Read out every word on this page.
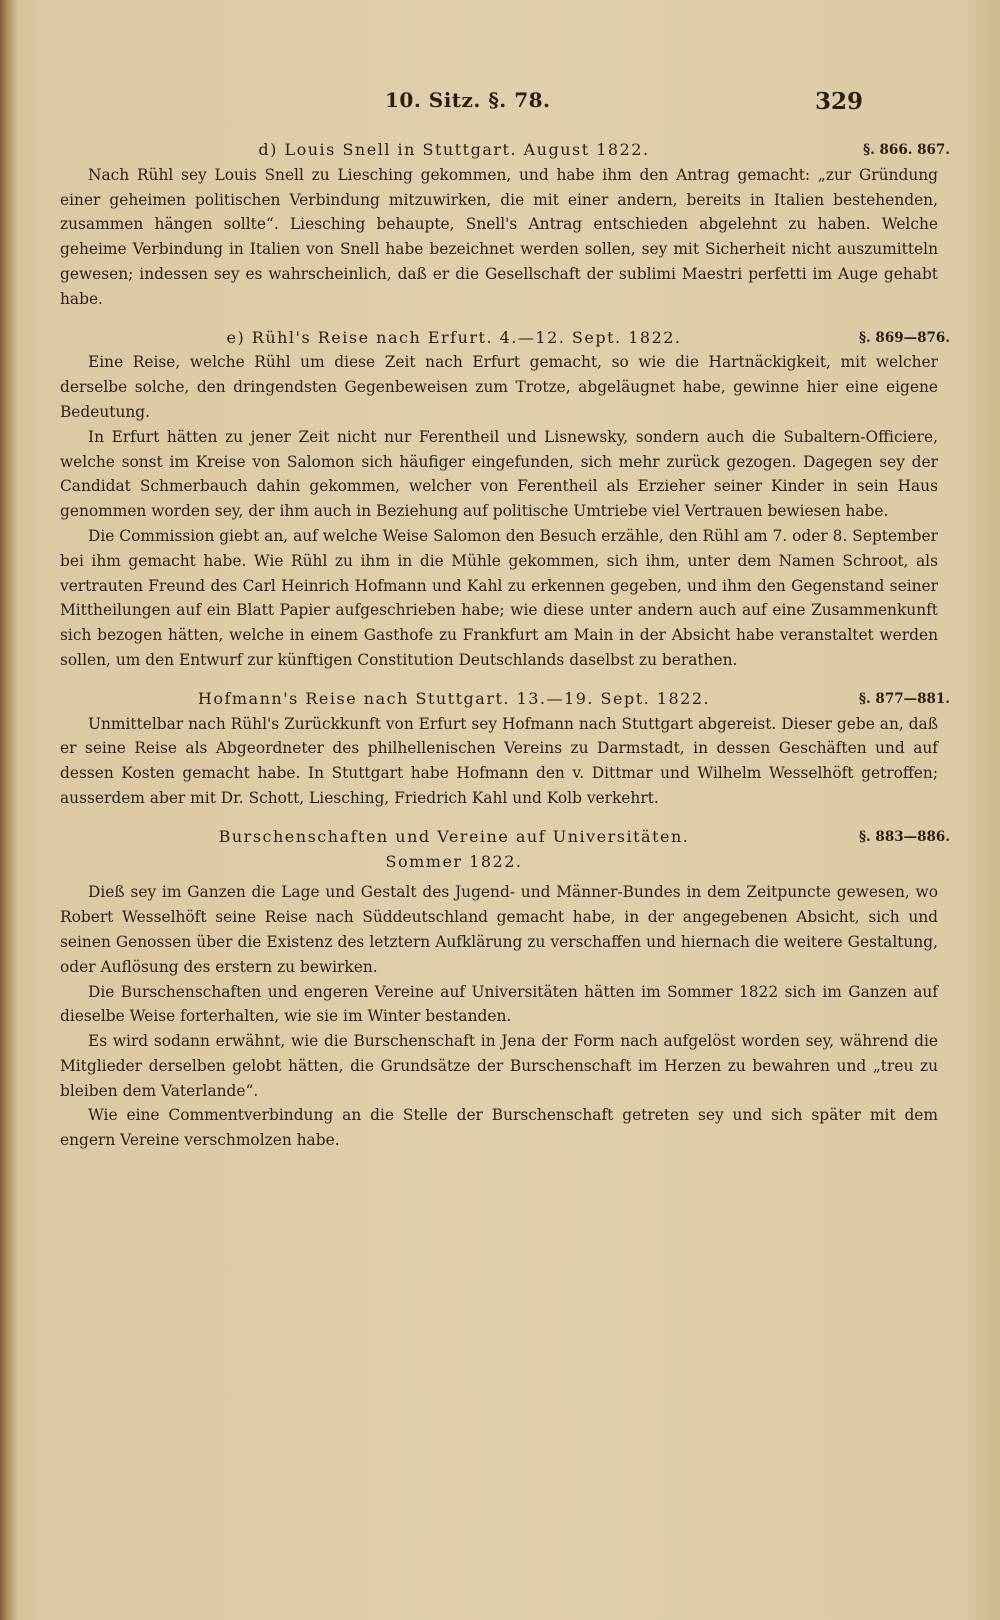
10. Sitz. §. 78.	329
d) Louis Snell in Stuttgart. August 1822.	§. 866. 867.

Nach Rühl sey Louis Snell zu Liesching gekommen, und habe ihm den Antrag gemacht: „zur Gründung einer geheimen politischen Verbindung mitzuwirken, die mit einer andern, bereits in Italien bestehenden, zusammen hängen sollte“. Liesching behaupte, Snell's Antrag entschieden abgelehnt zu haben. Welche geheime Verbindung in Italien von Snell habe bezeichnet werden sollen, sey mit Sicherheit nicht auszumitteln gewesen; indessen sey es wahrscheinlich, daß er die Gesellschaft der sublimi Maestri perfetti im Auge gehabt habe.

e) Rühl's Reise nach Erfurt. 4.—12. Sept. 1822.	§. 869—876.

Eine Reise, welche Rühl um diese Zeit nach Erfurt gemacht, so wie die Hartnäckigkeit, mit welcher derselbe solche, den dringendsten Gegenbeweisen zum Trotze, abgeläugnet habe, gewinne hier eine eigene Bedeutung.

In Erfurt hätten zu jener Zeit nicht nur Ferentheil und Lisnewsky, sondern auch die Subaltern-Officiere, welche sonst im Kreise von Salomon sich häufiger eingefunden, sich mehr zurück gezogen. Dagegen sey der Candidat Schmerbauch dahin gekommen, welcher von Ferentheil als Erzieher seiner Kinder in sein Haus genommen worden sey, der ihm auch in Beziehung auf politische Umtriebe viel Vertrauen bewiesen habe.

Die Commission giebt an, auf welche Weise Salomon den Besuch erzähle, den Rühl am 7. oder 8. September bei ihm gemacht habe. Wie Rühl zu ihm in die Mühle gekommen, sich ihm, unter dem Namen Schroot, als vertrauten Freund des Carl Heinrich Hofmann und Kahl zu erkennen gegeben, und ihm den Gegenstand seiner Mittheilungen auf ein Blatt Papier aufgeschrieben habe; wie diese unter andern auch auf eine Zusammenkunft sich bezogen hätten, welche in einem Gasthofe zu Frankfurt am Main in der Absicht habe veranstaltet werden sollen, um den Entwurf zur künftigen Constitution Deutschlands daselbst zu berathen.

Hofmann's Reise nach Stuttgart. 13.—19. Sept. 1822.	§. 877—881.

Unmittelbar nach Rühl's Zurückkunft von Erfurt sey Hofmann nach Stuttgart abgereist. Dieser gebe an, daß er seine Reise als Abgeordneter des philhellenischen Vereins zu Darmstadt, in dessen Geschäften und auf dessen Kosten gemacht habe. In Stuttgart habe Hofmann den v. Dittmar und Wilhelm Wesselhöft getroffen; ausserdem aber mit Dr. Schott, Liesching, Friedrich Kahl und Kolb verkehrt.

Burschenschaften und Vereine auf Universitäten.
Sommer 1822.
§. 883—886.

Dieß sey im Ganzen die Lage und Gestalt des Jugend- und Männer-Bundes in dem Zeitpuncte gewesen, wo Robert Wesselhöft seine Reise nach Süddeutschland gemacht habe, in der angegebenen Absicht, sich und seinen Genossen über die Existenz des letztern Aufklärung zu verschaffen und hiernach die weitere Gestaltung, oder Auflösung des erstern zu bewirken.

Die Burschenschaften und engeren Vereine auf Universitäten hätten im Sommer 1822 sich im Ganzen auf dieselbe Weise forterhalten, wie sie im Winter bestanden.

Es wird sodann erwähnt, wie die Burschenschaft in Jena der Form nach aufgelöst worden sey, während die Mitglieder derselben gelobt hätten, die Grundsätze der Burschenschaft im Herzen zu bewahren und „treu zu bleiben dem Vaterlande“.

Wie eine Commentverbindung an die Stelle der Burschenschaft getreten sey und sich später mit dem engern Vereine verschmolzen habe.
